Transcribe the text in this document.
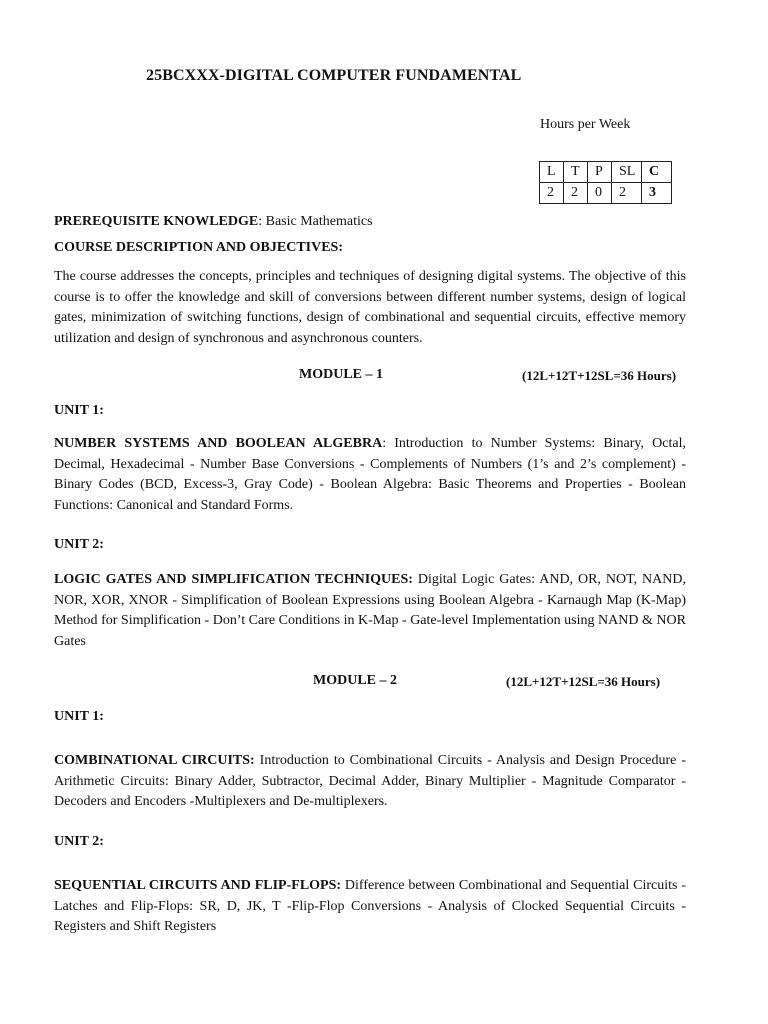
25BCXXX-DIGITAL COMPUTER FUNDAMENTAL
Hours per Week
L	T	P	SL	C
2	2	0	2	3
PREREQUISITE KNOWLEDGE: Basic Mathematics
COURSE DESCRIPTION AND OBJECTIVES:
The course addresses the concepts, principles and techniques of designing digital systems. The objective of this course is to offer the knowledge and skill of conversions between different number systems, design of logical gates, minimization of switching functions, design of combinational and sequential circuits, effective memory utilization and design of synchronous and asynchronous counters.
MODULE – 1	(12L+12T+12SL=36 Hours)
UNIT 1:
NUMBER SYSTEMS AND BOOLEAN ALGEBRA: Introduction to Number Systems: Binary, Octal, Decimal, Hexadecimal - Number Base Conversions - Complements of Numbers (1’s and 2’s complement) - Binary Codes (BCD, Excess-3, Gray Code) - Boolean Algebra: Basic Theorems and Properties - Boolean Functions: Canonical and Standard Forms.
UNIT 2:
LOGIC GATES AND SIMPLIFICATION TECHNIQUES: Digital Logic Gates: AND, OR, NOT, NAND, NOR, XOR, XNOR - Simplification of Boolean Expressions using Boolean Algebra - Karnaugh Map (K-Map) Method for Simplification - Don’t Care Conditions in K-Map - Gate-level Implementation using NAND & NOR Gates
MODULE – 2	(12L+12T+12SL=36 Hours)
UNIT 1:
COMBINATIONAL CIRCUITS: Introduction to Combinational Circuits - Analysis and Design Procedure - Arithmetic Circuits: Binary Adder, Subtractor, Decimal Adder, Binary Multiplier - Magnitude Comparator - Decoders and Encoders -Multiplexers and De-multiplexers.
UNIT 2:
SEQUENTIAL CIRCUITS AND FLIP-FLOPS: Difference between Combinational and Sequential Circuits - Latches and Flip-Flops: SR, D, JK, T -Flip-Flop Conversions - Analysis of Clocked Sequential Circuits - Registers and Shift Registers
